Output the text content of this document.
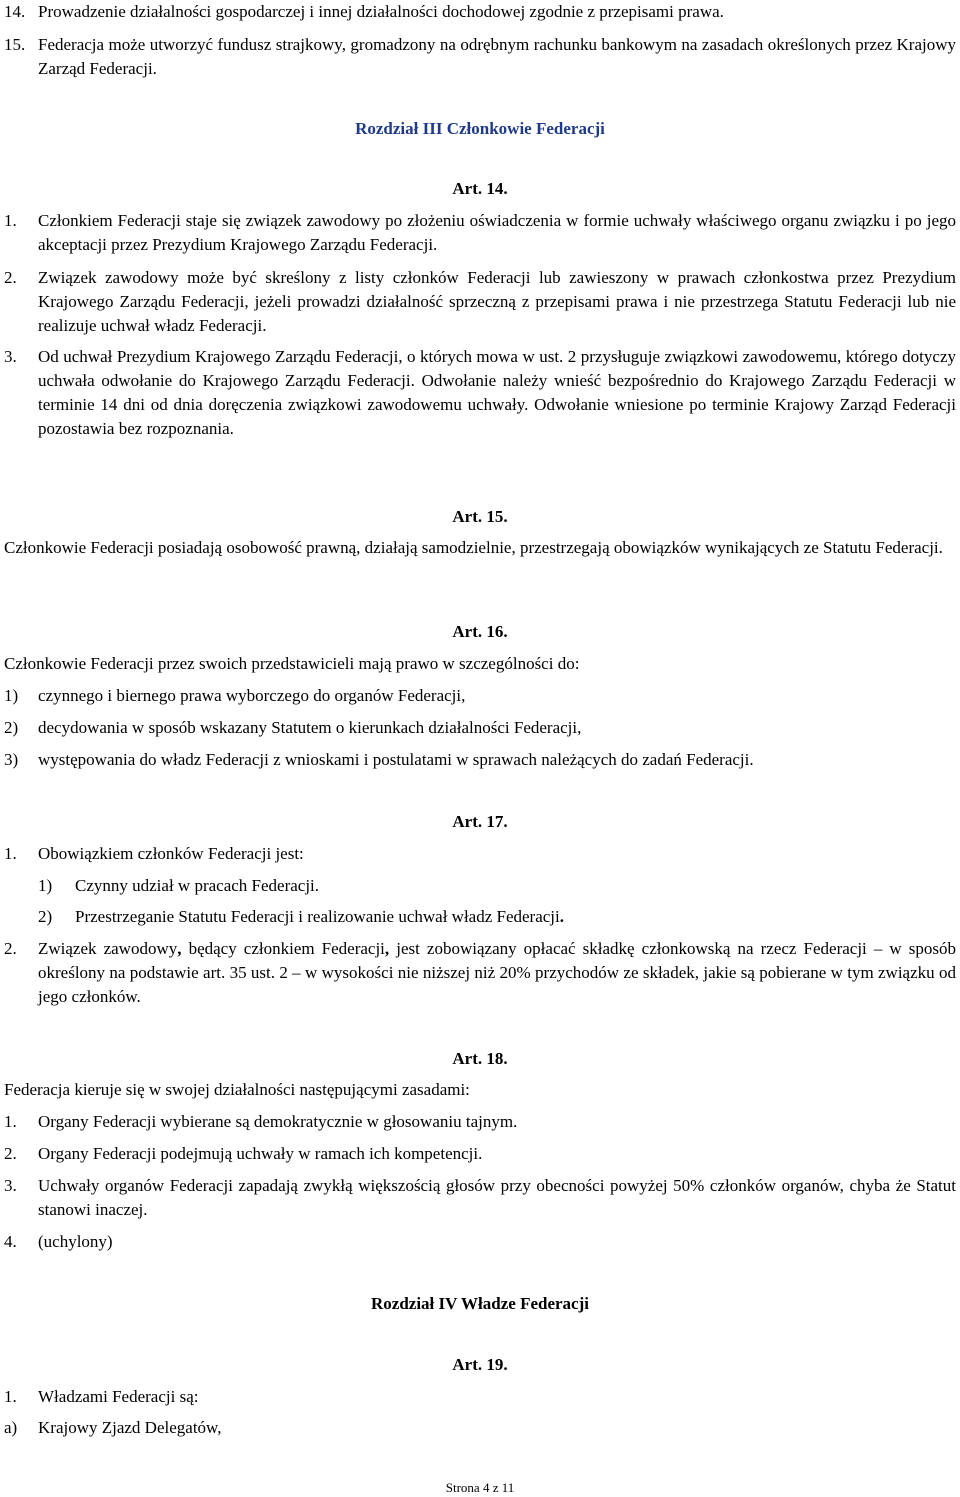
14. Prowadzenie działalności gospodarczej i innej działalności dochodowej zgodnie z przepisami prawa.
15. Federacja może utworzyć fundusz strajkowy, gromadzony na odrębnym rachunku bankowym na zasadach określonych przez Krajowy Zarząd Federacji.
Rozdział III Członkowie Federacji
Art. 14.
1.	Członkiem Federacji staje się związek zawodowy po złożeniu oświadczenia w formie uchwały właściwego organu związku i po jego akceptacji przez Prezydium Krajowego Zarządu Federacji.
2.	Związek zawodowy może być skreślony z listy członków Federacji lub zawieszony w prawach członkostwa przez Prezydium Krajowego Zarządu Federacji, jeżeli prowadzi działalność sprzeczną z przepisami prawa i nie przestrzega Statutu Federacji lub nie realizuje uchwał władz Federacji.
3.	Od uchwał Prezydium Krajowego Zarządu Federacji, o których mowa w ust. 2 przysługuje związkowi zawodowemu, którego dotyczy uchwała odwołanie do Krajowego Zarządu Federacji. Odwołanie należy wnieść bezpośrednio do Krajowego Zarządu Federacji w terminie 14 dni od dnia doręczenia związkowi zawodowemu uchwały. Odwołanie wniesione po terminie Krajowy Zarząd Federacji pozostawia bez rozpoznania.
Art. 15.
Członkowie Federacji posiadają osobowość prawną, działają samodzielnie, przestrzegają obowiązków wynikających ze Statutu Federacji.
Art. 16.
Członkowie Federacji przez swoich przedstawicieli mają prawo w szczególności do:
1)	czynnego i biernego prawa wyborczego do organów Federacji,
2)	decydowania w sposób wskazany Statutem o kierunkach działalności Federacji,
3)	występowania do władz Federacji z wnioskami i postulatami w sprawach należących do zadań Federacji.
Art. 17.
1.	Obowiązkiem członków Federacji jest:
1)	Czynny udział w pracach Federacji.
2)	Przestrzeganie Statutu Federacji i realizowanie uchwał władz Federacji.
2.	Związek zawodowy, będący członkiem Federacji, jest zobowiązany opłacać składkę członkowską na rzecz Federacji – w sposób określony na podstawie art. 35 ust. 2 – w wysokości nie niższej niż 20% przychodów ze składek, jakie są pobierane w tym związku od jego członków.
Art. 18.
Federacja kieruje się w swojej działalności następującymi zasadami:
1.	Organy Federacji wybierane są demokratycznie w głosowaniu tajnym.
2.	Organy Federacji podejmują uchwały w ramach ich kompetencji.
3.	Uchwały organów Federacji zapadają zwykłą większością głosów przy obecności powyżej 50% członków organów, chyba że Statut stanowi inaczej.
4.	(uchylony)
Rozdział IV Władze Federacji
Art. 19.
1.	Władzami Federacji są:
a)	Krajowy Zjazd Delegatów,
Strona 4 z 11
